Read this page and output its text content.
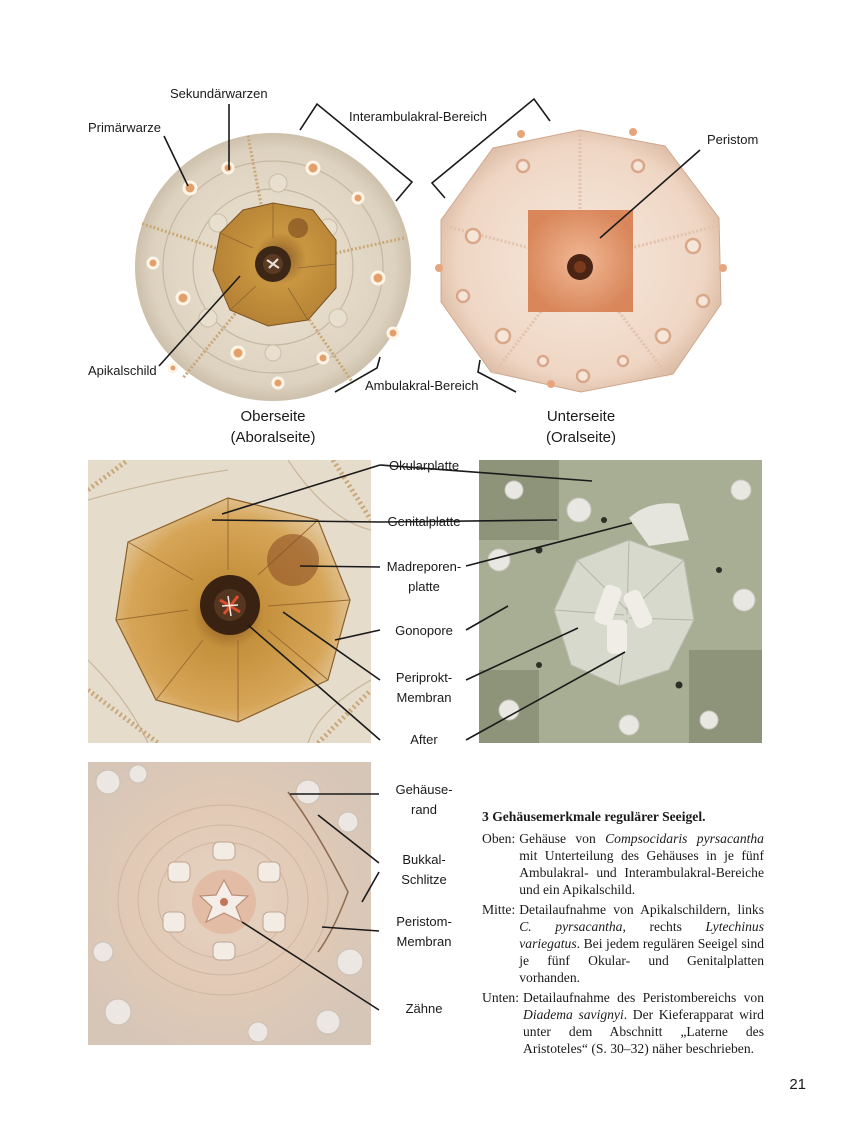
Sekundärwarzen
Primärwarze
Interambulakral-Bereich
Peristom
Apikalschild
Ambulakral-Bereich
Oberseite
(Aboralseite)
Unterseite
(Oralseite)
Okularplatte
Genitalplatte
Madreporen-
platte
Gonopore
Periprokt-
Membran
After
Gehäuse-
rand
Bukkal-
Schlitze
Peristom-
Membran
Zähne
3 Gehäusemerkmale regulärer Seeigel.
Oben: Gehäuse von Compsocidaris pyrsacantha mit Unterteilung des Gehäuses in je fünf Ambulakral- und Interambulakral-Bereiche und ein Apikalschild.
Mitte: Detailaufnahme von Apikalschildern, links C. pyrsacantha, rechts Lytechinus variegatus. Bei jedem regulären Seeigel sind je fünf Okular- und Genitalplatten vorhanden.
Unten: Detailaufnahme des Peristombereichs von Diadema savignyi. Der Kieferapparat wird unter dem Abschnitt „Laterne des Aristoteles“ (S. 30–32) näher beschrieben.
21
